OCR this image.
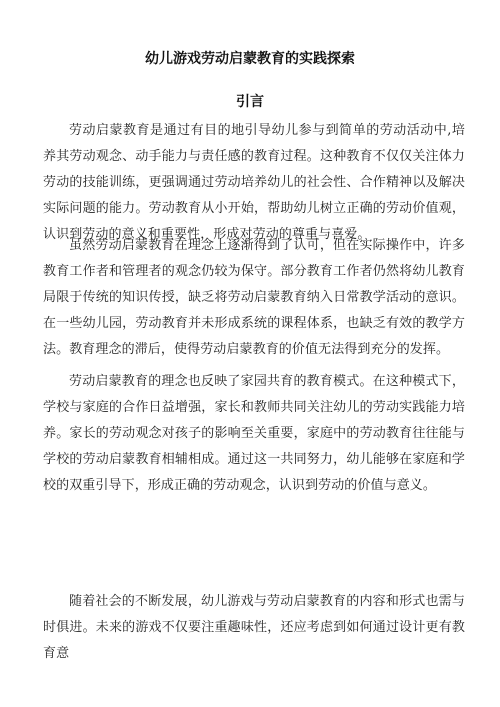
幼儿游戏劳动启蒙教育的实践探索
引言

劳动启蒙教育是通过有目的地引导幼儿参与到简单的劳动活动中,培养其劳动观念、动手能力与责任感的教育过程。这种教育不仅仅关注体力劳动的技能训练，更强调通过劳动培养幼儿的社会性、合作精神以及解决实际问题的能力。劳动教育从小开始，帮助幼儿树立正确的劳动价值观，认识到劳动的意义和重要性，形成对劳动的尊重与喜爱。

虽然劳动启蒙教育在理念上逐渐得到了认可，但在实际操作中，许多教育工作者和管理者的观念仍较为保守。部分教育工作者仍然将幼儿教育局限于传统的知识传授，缺乏将劳动启蒙教育纳入日常教学活动的意识。在一些幼儿园，劳动教育并未形成系统的课程体系，也缺乏有效的教学方法。教育理念的滞后，使得劳动启蒙教育的价值无法得到充分的发挥。

劳动启蒙教育的理念也反映了家园共育的教育模式。在这种模式下，学校与家庭的合作日益增强，家长和教师共同关注幼儿的劳动实践能力培养。家长的劳动观念对孩子的影响至关重要，家庭中的劳动教育往往能与学校的劳动启蒙教育相辅相成。通过这一共同努力，幼儿能够在家庭和学校的双重引导下，形成正确的劳动观念，认识到劳动的价值与意义。

随着社会的不断发展，幼儿游戏与劳动启蒙教育的内容和形式也需与时俱进。未来的游戏不仅要注重趣味性，还应考虑到如何通过设计更有教育意
